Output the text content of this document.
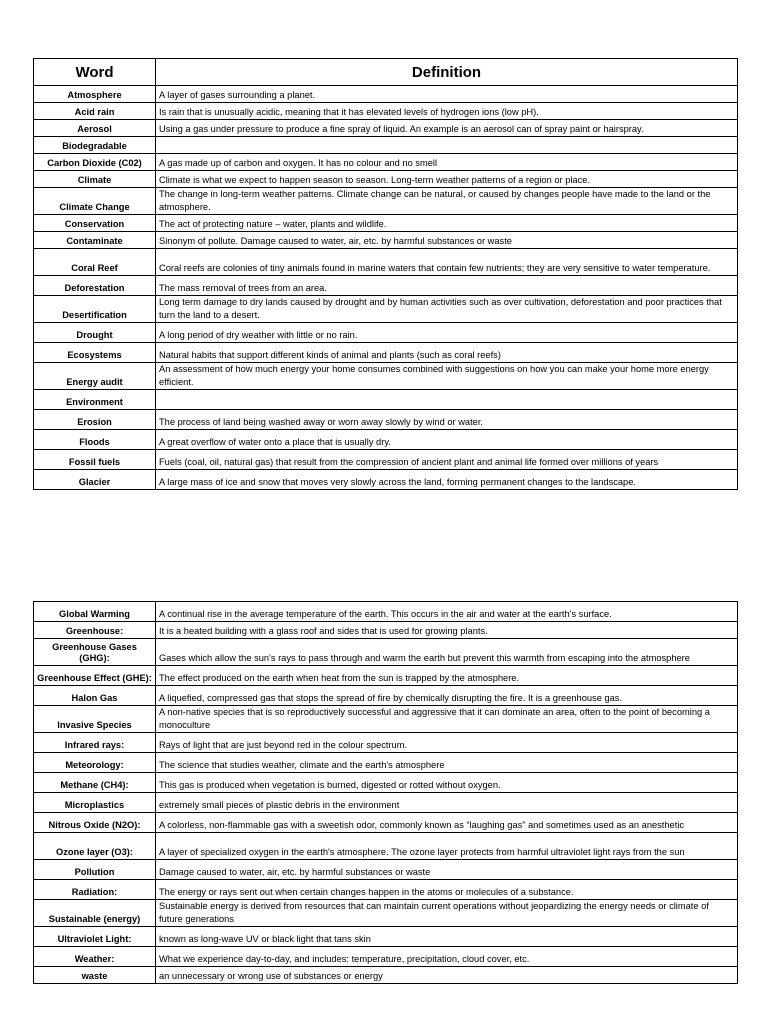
Word	Definition
Atmosphere	A layer of gases surrounding a planet.
Acid rain	Is rain that is unusually acidic, meaning that it has elevated levels of hydrogen ions (low pH).
Aerosol	Using a gas under pressure to produce a fine spray of liquid. An example is an aerosol can of spray paint or hairspray.
Biodegradable	
Carbon Dioxide (C02)	A gas made up of carbon and oxygen. It has no colour and no smell
Climate	Climate is what we expect to happen season to season. Long-term weather patterns of a region or place.
Climate Change	The change in long-term weather patterns. Climate change can be natural, or caused by changes people have made to the land or the atmosphere.
Conservation	The act of protecting nature – water, plants and wildlife.
Contaminate	Sinonym of pollute. Damage caused to water, air, etc. by harmful substances or waste
Coral Reef	Coral reefs are colonies of tiny animals found in marine waters that contain few nutrients; they are very sensitive to water temperature.
Deforestation	The mass removal of trees from an area.
Desertification	Long term damage to dry lands caused by drought and by human activities such as over cultivation, deforestation and poor practices that turn the land to a desert.
Drought	A long period of dry weather with little or no rain.
Ecosystems	Natural habits that support different kinds of animal and plants (such as coral reefs)
Energy audit	An assessment of how much energy your home consumes combined with suggestions on how you can make your home more energy efficient.
Environment	
Erosion	The process of land being washed away or worn away slowly by wind or water.
Floods	A great overflow of water onto a place that is usually dry.
Fossil fuels	Fuels (coal, oil, natural gas) that result from the compression of ancient plant and animal life formed over millions of years
Glacier	A large mass of ice and snow that moves very slowly across the land, forming permanent changes to the landscape.
Global Warming	A continual rise in the average temperature of the earth. This occurs in the air and water at the earth's surface.
Greenhouse:	It is a heated building with a glass roof and sides that is used for growing plants.
Greenhouse Gases (GHG):	Gases which allow the sun's rays to pass through and warm the earth but prevent this warmth from escaping into the atmosphere
Greenhouse Effect (GHE):	The effect produced on the earth when heat from the sun is trapped by the atmosphere.
Halon Gas	A liquefied, compressed gas that stops the spread of fire by chemically disrupting the fire. It is a greenhouse gas.
Invasive Species	A non-native species that is so reproductively successful and aggressive that it can dominate an area, often to the point of becoming a monoculture
Infrared rays:	Rays of light that are just beyond red in the colour spectrum.
Meteorology:	The science that studies weather, climate and the earth's atmosphere
Methane (CH4):	This gas is produced when vegetation is burned, digested or rotted without oxygen.
Microplastics	extremely small pieces of plastic debris in the environment
Nitrous Oxide (N2O):	A colorless, non-flammable gas with a sweetish odor, commonly known as “laughing gas” and sometimes used as an anesthetic
Ozone layer (O3):	A layer of specialized oxygen in the earth's atmosphere. The ozone layer protects from harmful ultraviolet light rays from the sun
Pollution	Damage caused to water, air, etc. by harmful substances or waste
Radiation:	The energy or rays sent out when certain changes happen in the atoms or molecules of a substance.
Sustainable (energy)	Sustainable energy is derived from resources that can maintain current operations without jeopardizing the energy needs or climate of future generations
Ultraviolet Light:	known as long-wave UV or black light that tans skin
Weather:	What we experience day-to-day, and includes: temperature, precipitation, cloud cover, etc.
waste	an unnecessary or wrong use of substances or energy
